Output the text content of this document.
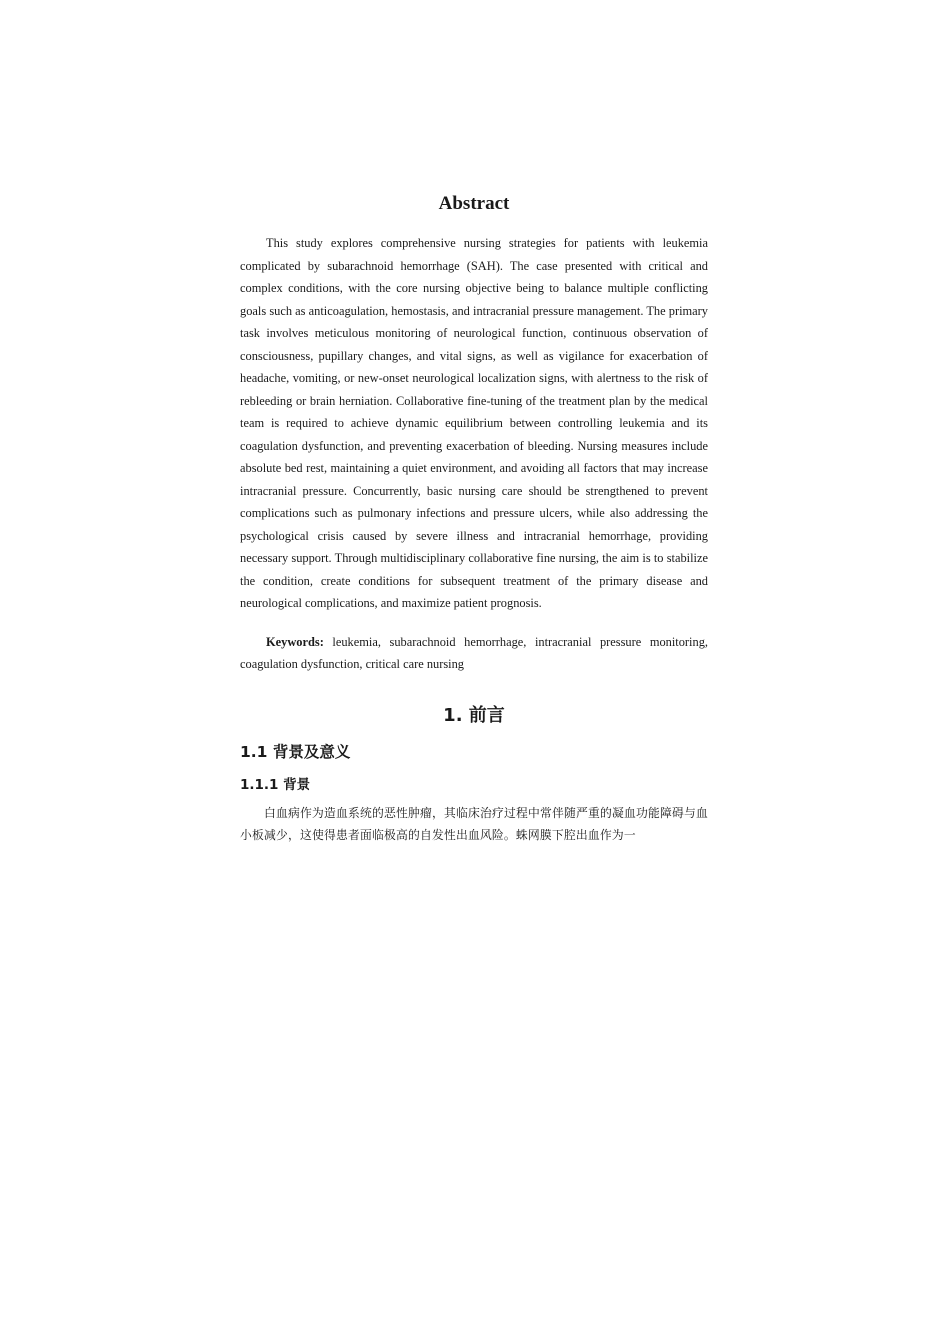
Abstract

This study explores comprehensive nursing strategies for patients with leukemia complicated by subarachnoid hemorrhage (SAH). The case presented with critical and complex conditions, with the core nursing objective being to balance multiple conflicting goals such as anticoagulation, hemostasis, and intracranial pressure management. The primary task involves meticulous monitoring of neurological function, continuous observation of consciousness, pupillary changes, and vital signs, as well as vigilance for exacerbation of headache, vomiting, or new-onset neurological localization signs, with alertness to the risk of rebleeding or brain herniation. Collaborative fine-tuning of the treatment plan by the medical team is required to achieve dynamic equilibrium between controlling leukemia and its coagulation dysfunction, and preventing exacerbation of bleeding. Nursing measures include absolute bed rest, maintaining a quiet environment, and avoiding all factors that may increase intracranial pressure. Concurrently, basic nursing care should be strengthened to prevent complications such as pulmonary infections and pressure ulcers, while also addressing the psychological crisis caused by severe illness and intracranial hemorrhage, providing necessary support. Through multidisciplinary collaborative fine nursing, the aim is to stabilize the condition, create conditions for subsequent treatment of the primary disease and neurological complications, and maximize patient prognosis.

Keywords: leukemia, subarachnoid hemorrhage, intracranial pressure monitoring, coagulation dysfunction, critical care nursing

1. 前言
1.1 背景及意义
1.1.1 背景

白血病作为造血系统的恶性肿瘤，其临床治疗过程中常伴随严重的凝血功能障碍与血小板减少，这使得患者面临极高的自发性出血风险。蛛网膜下腔出血作为一
